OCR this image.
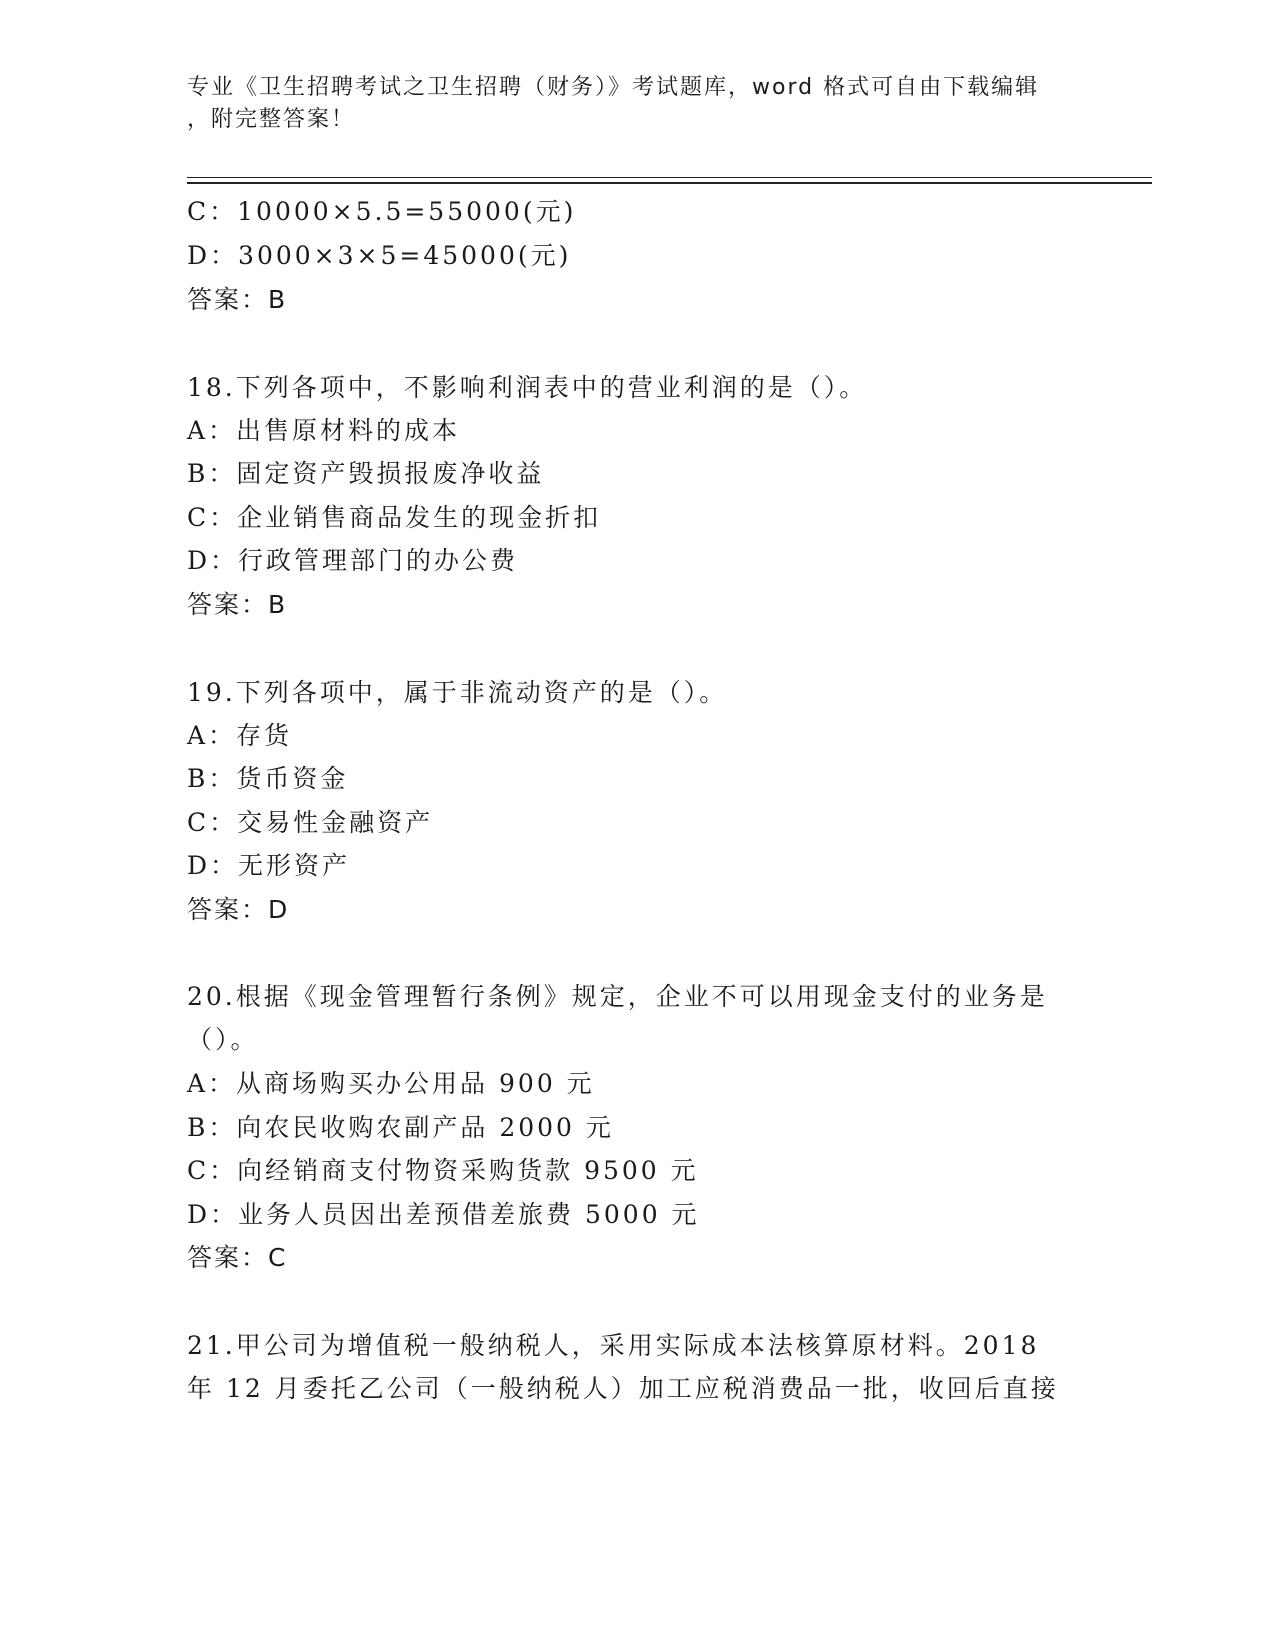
专业《卫生招聘考试之卫生招聘（财务）》考试题库，word 格式可自由下载编辑
，附完整答案！
C：10000×5.5=55000(元)
D：3000×3×5=45000(元)
答案：B
18.下列各项中，不影响利润表中的营业利润的是（）。
A：出售原材料的成本
B：固定资产毁损报废净收益
C：企业销售商品发生的现金折扣
D：行政管理部门的办公费
答案：B
19.下列各项中，属于非流动资产的是（）。
A：存货
B：货币资金
C：交易性金融资产
D：无形资产
答案：D
20.根据《现金管理暂行条例》规定，企业不可以用现金支付的业务是
（）。
A：从商场购买办公用品 900 元
B：向农民收购农副产品 2000 元
C：向经销商支付物资采购货款 9500 元
D：业务人员因出差预借差旅费 5000 元
答案：C
21.甲公司为增值税一般纳税人，采用实际成本法核算原材料。2018
年 12 月委托乙公司（一般纳税人）加工应税消费品一批，收回后直接
